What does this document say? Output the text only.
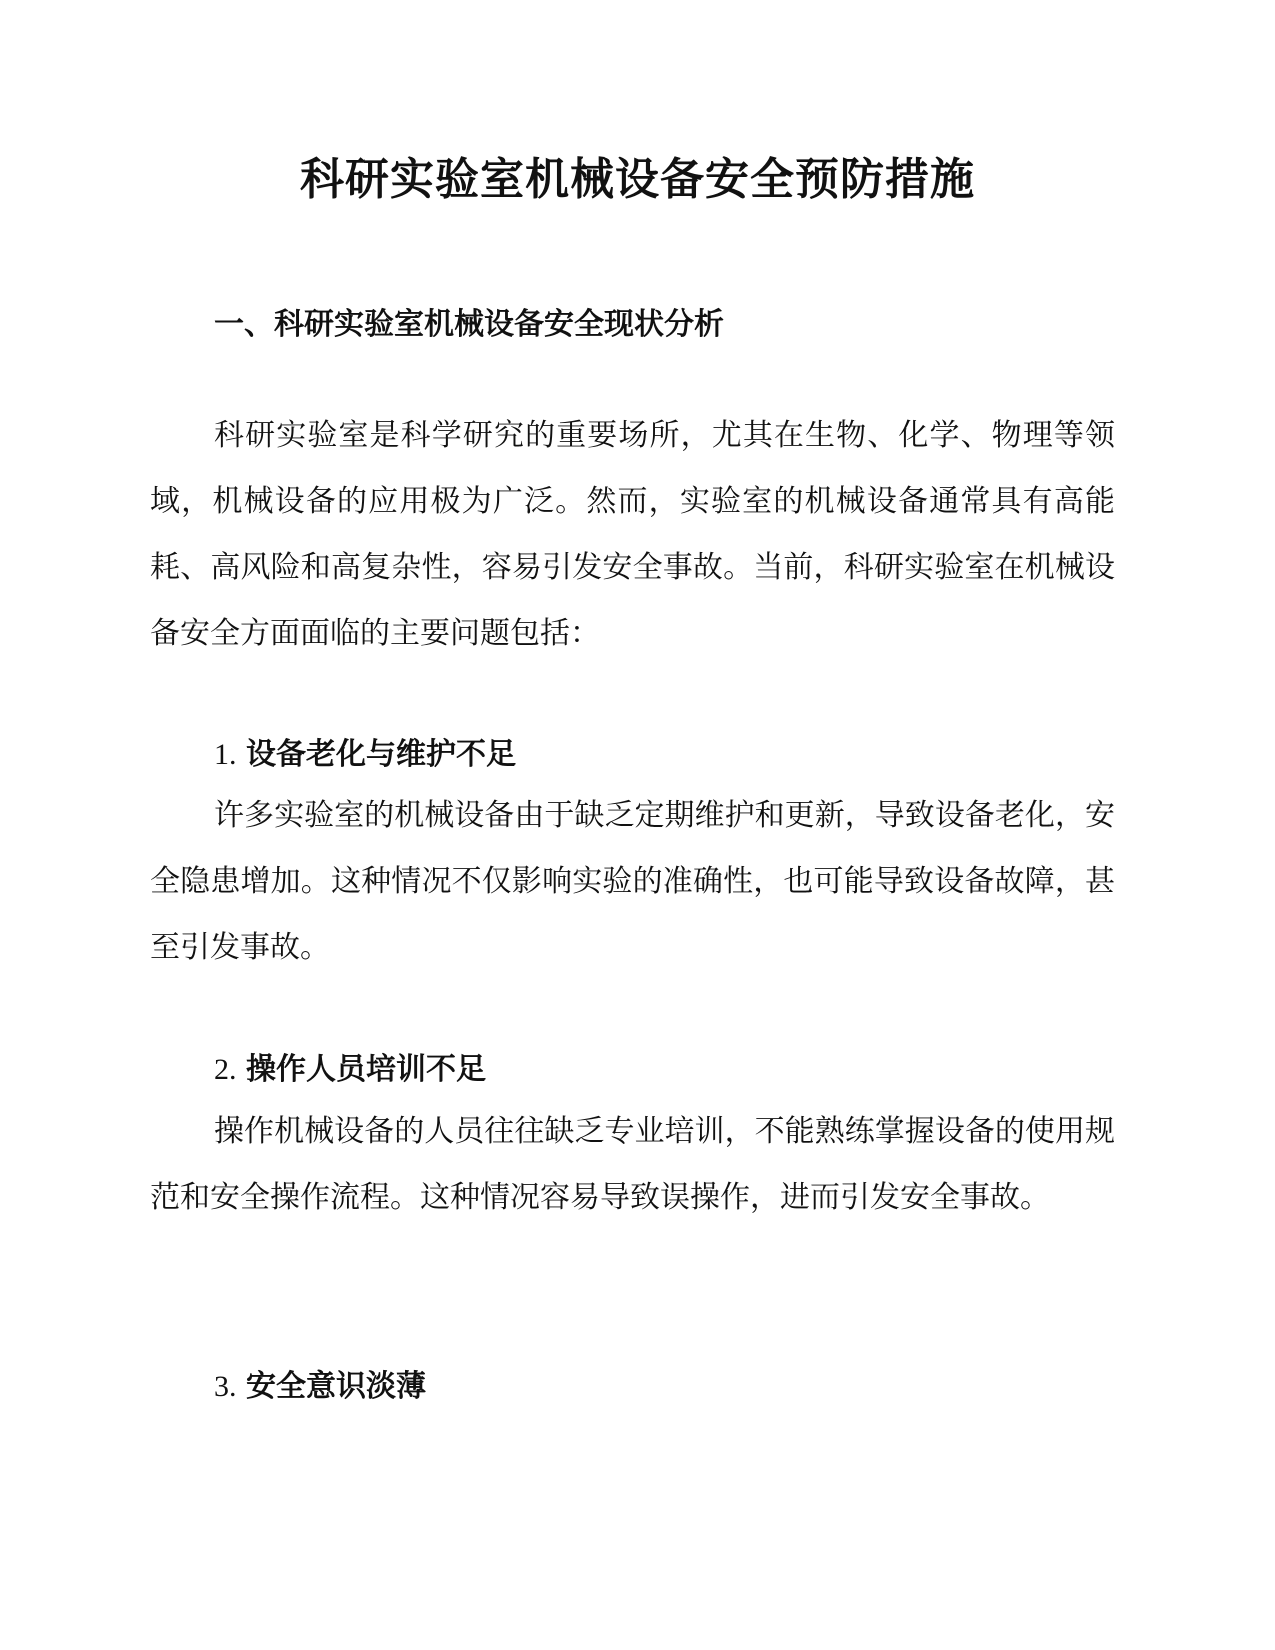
科研实验室机械设备安全预防措施
一、科研实验室机械设备安全现状分析

科研实验室是科学研究的重要场所，尤其在生物、化学、物理等领域，机械设备的应用极为广泛。然而，实验室的机械设备通常具有高能耗、高风险和高复杂性，容易引发安全事故。当前，科研实验室在机械设备安全方面面临的主要问题包括：

1. 设备老化与维护不足

许多实验室的机械设备由于缺乏定期维护和更新，导致设备老化，安全隐患增加。这种情况不仅影响实验的准确性，也可能导致设备故障，甚至引发事故。

2. 操作人员培训不足

操作机械设备的人员往往缺乏专业培训，不能熟练掌握设备的使用规范和安全操作流程。这种情况容易导致误操作，进而引发安全事故。

3. 安全意识淡薄
